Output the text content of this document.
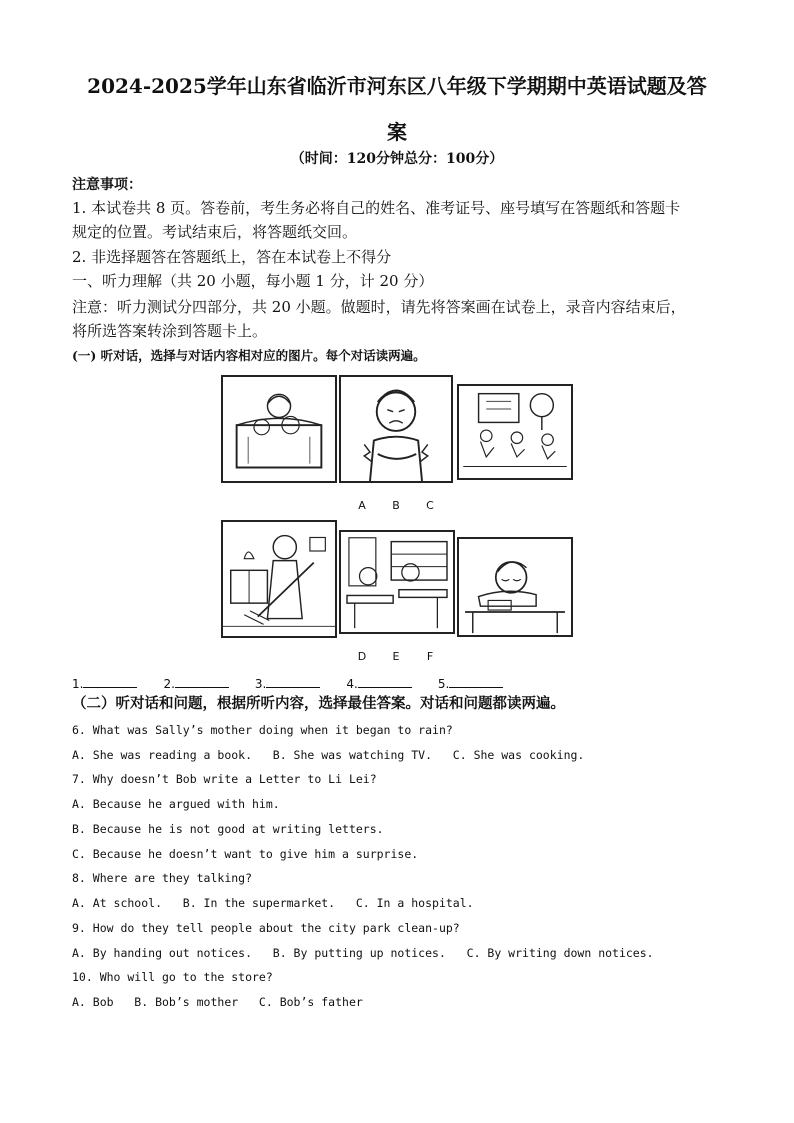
2024-2025学年山东省临沂市河东区八年级下学期期中英语试题及答
案
（时间：120分钟总分：100分）
注意事项：
1. 本试卷共 8 页。答卷前，考生务必将自己的姓名、准考证号、座号填写在答题纸和答题卡
规定的位置。考试结束后，将答题纸交回。
2. 非选择题答在答题纸上，答在本试卷上不得分
一、听力理解（共 20 小题，每小题 1 分，计 20 分）
注意：听力测试分四部分，共 20 小题。做题时，请先将答案画在试卷上，录音内容结束后，
将所选答案转涂到答题卡上。
(一) 听对话，选择与对话内容相对应的图片。每个对话读两遍。
A B C
D E F
1.	2.	3.	4.	5.
（二）听对话和问题，根据所听内容，选择最佳答案。对话和问题都读两遍。
6. What was Sally’s mother doing when it began to rain?
A. She was reading a book.   B. She was watching TV.   C. She was cooking.
7. Why doesn’t Bob write a Letter to Li Lei?
A. Because he argued with him.
B. Because he is not good at writing letters.
C. Because he doesn’t want to give him a surprise.
8. Where are they talking?
A. At school.   B. In the supermarket.   C. In a hospital.
9. How do they tell people about the city park clean-up?
A. By handing out notices.   B. By putting up notices.   C. By writing down notices.
10. Who will go to the store?
A. Bob   B. Bob’s mother   C. Bob’s father
